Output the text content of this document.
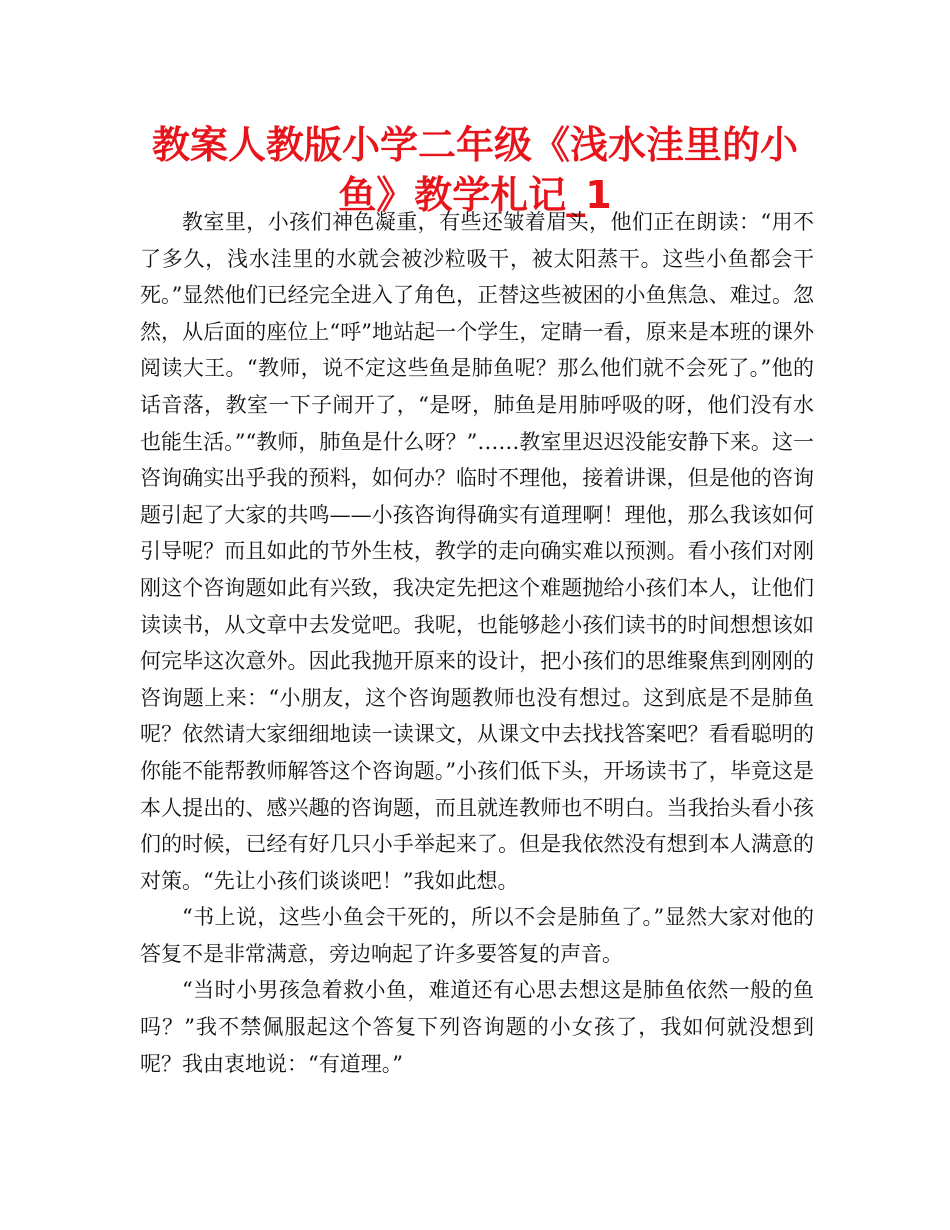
教案人教版小学二年级《浅水洼里的小鱼》教学札记_1

教室里，小孩们神色凝重，有些还皱着眉头，他们正在朗读：“用不了多久，浅水洼里的水就会被沙粒吸干，被太阳蒸干。这些小鱼都会干死。”显然他们已经完全进入了角色，正替这些被困的小鱼焦急、难过。忽然，从后面的座位上“呼”地站起一个学生，定睛一看，原来是本班的课外阅读大王。“教师，说不定这些鱼是肺鱼呢？那么他们就不会死了。”他的话音落，教室一下子闹开了，“是呀，肺鱼是用肺呼吸的呀，他们没有水也能生活。”“教师，肺鱼是什么呀？”……教室里迟迟没能安静下来。这一咨询确实出乎我的预料，如何办？临时不理他，接着讲课，但是他的咨询题引起了大家的共鸣——小孩咨询得确实有道理啊！理他，那么我该如何引导呢？而且如此的节外生枝，教学的走向确实难以预测。看小孩们对刚刚这个咨询题如此有兴致，我决定先把这个难题抛给小孩们本人，让他们读读书，从文章中去发觉吧。我呢，也能够趁小孩们读书的时间想想该如何完毕这次意外。因此我抛开原来的设计，把小孩们的思维聚焦到刚刚的咨询题上来：“小朋友，这个咨询题教师也没有想过。这到底是不是肺鱼呢？依然请大家细细地读一读课文，从课文中去找找答案吧？看看聪明的你能不能帮教师解答这个咨询题。”小孩们低下头，开场读书了，毕竟这是本人提出的、感兴趣的咨询题，而且就连教师也不明白。当我抬头看小孩们的时候，已经有好几只小手举起来了。但是我依然没有想到本人满意的对策。“先让小孩们谈谈吧！”我如此想。

“书上说，这些小鱼会干死的，所以不会是肺鱼了。”显然大家对他的答复不是非常满意，旁边响起了许多要答复的声音。

“当时小男孩急着救小鱼，难道还有心思去想这是肺鱼依然一般的鱼吗？”我不禁佩服起这个答复下列咨询题的小女孩了，我如何就没想到呢？我由衷地说：“有道理。”
